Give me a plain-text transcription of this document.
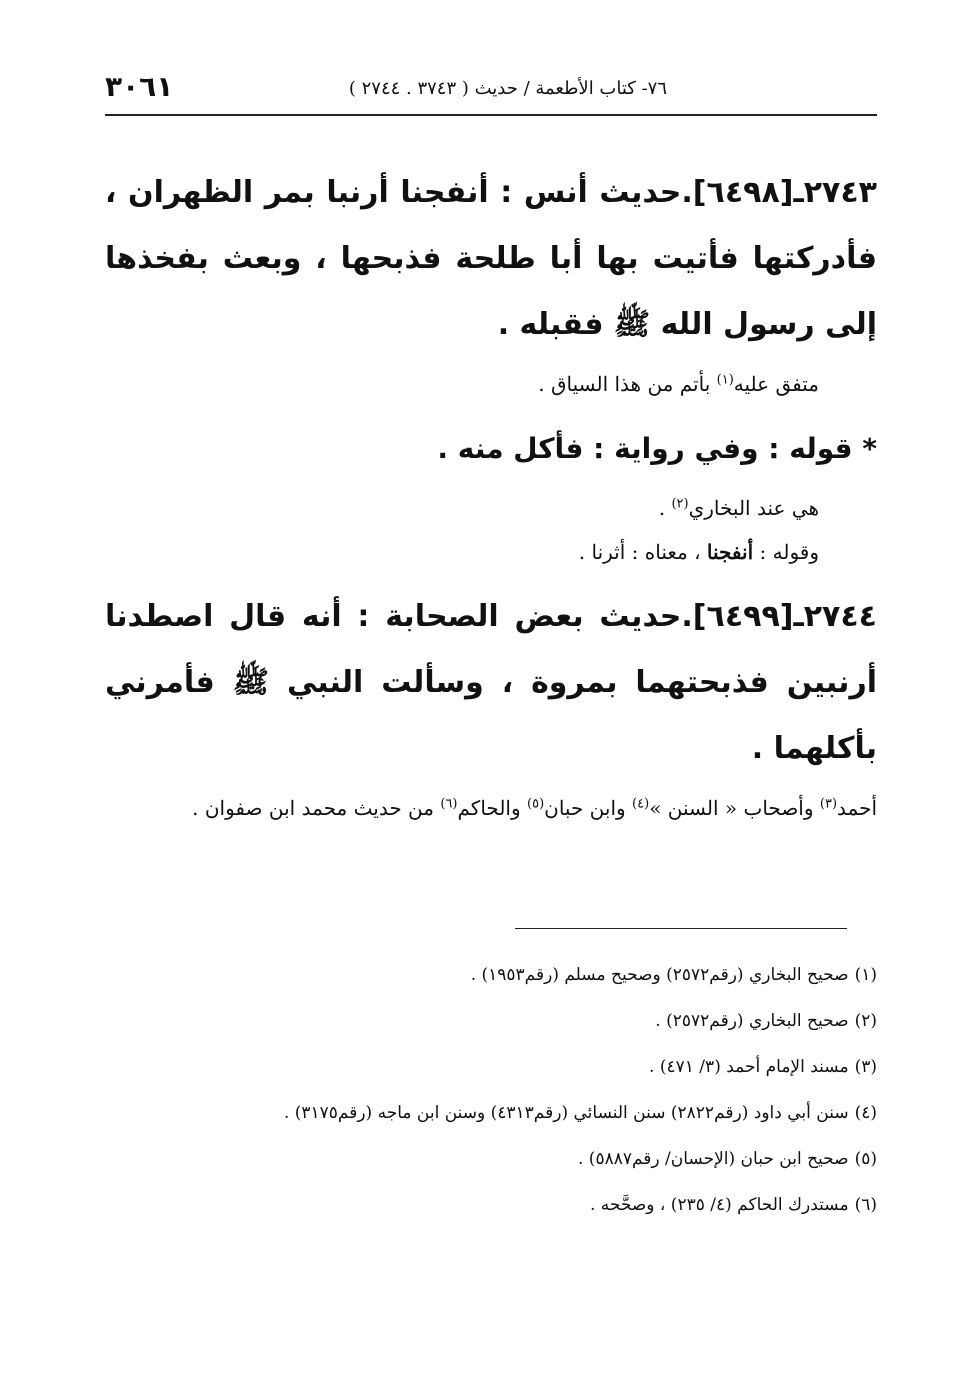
٣٠٦١	٧٦- كتاب الأطعمة / حديث ( ٣٧٤٣ . ٢٧٤٤ )

٢٧٤٣ـ[٦٤٩٨].حديث أنس : أنفجنا أرنبا بمر الظهران ، فأدركتها فأتيت بها أبا طلحة فذبحها ، وبعث بفخذها إلى رسول الله ﷺ فقبله .

متفق عليه$^{(١)}$ بأتم من هذا السياق .

* قوله : وفي رواية : فأكل منه .

هي عند البخاري$^{(٢)}$ .

وقوله : أنفجنا ، معناه : أثرنا .

٢٧٤٤ـ[٦٤٩٩].حديث بعض الصحابة : أنه قال اصطدنا أرنبين فذبحتهما بمروة ، وسألت النبي ﷺ فأمرني بأكلهما .

أحمد$^{(٣)}$ وأصحاب « السنن »$^{(٤)}$ وابن حبان$^{(٥)}$ والحاكم$^{(٦)}$ من حديث محمد ابن صفوان .

(١)صحيح البخاري (رقم٢٥٧٢) وصحيح مسلم (رقم١٩٥٣) .

(٢)صحيح البخاري (رقم٢٥٧٢) .

(٣)مسند الإمام أحمد (٣/ ٤٧١) .

(٤)سنن أبي داود (رقم٢٨٢٢) سنن النسائي (رقم٤٣١٣) وسنن ابن ماجه (رقم٣١٧٥) .

(٥)صحيح ابن حبان (الإحسان/ رقم٥٨٨٧) .

(٦)مستدرك الحاكم (٤/ ٢٣٥) ، وصحَّحه .
